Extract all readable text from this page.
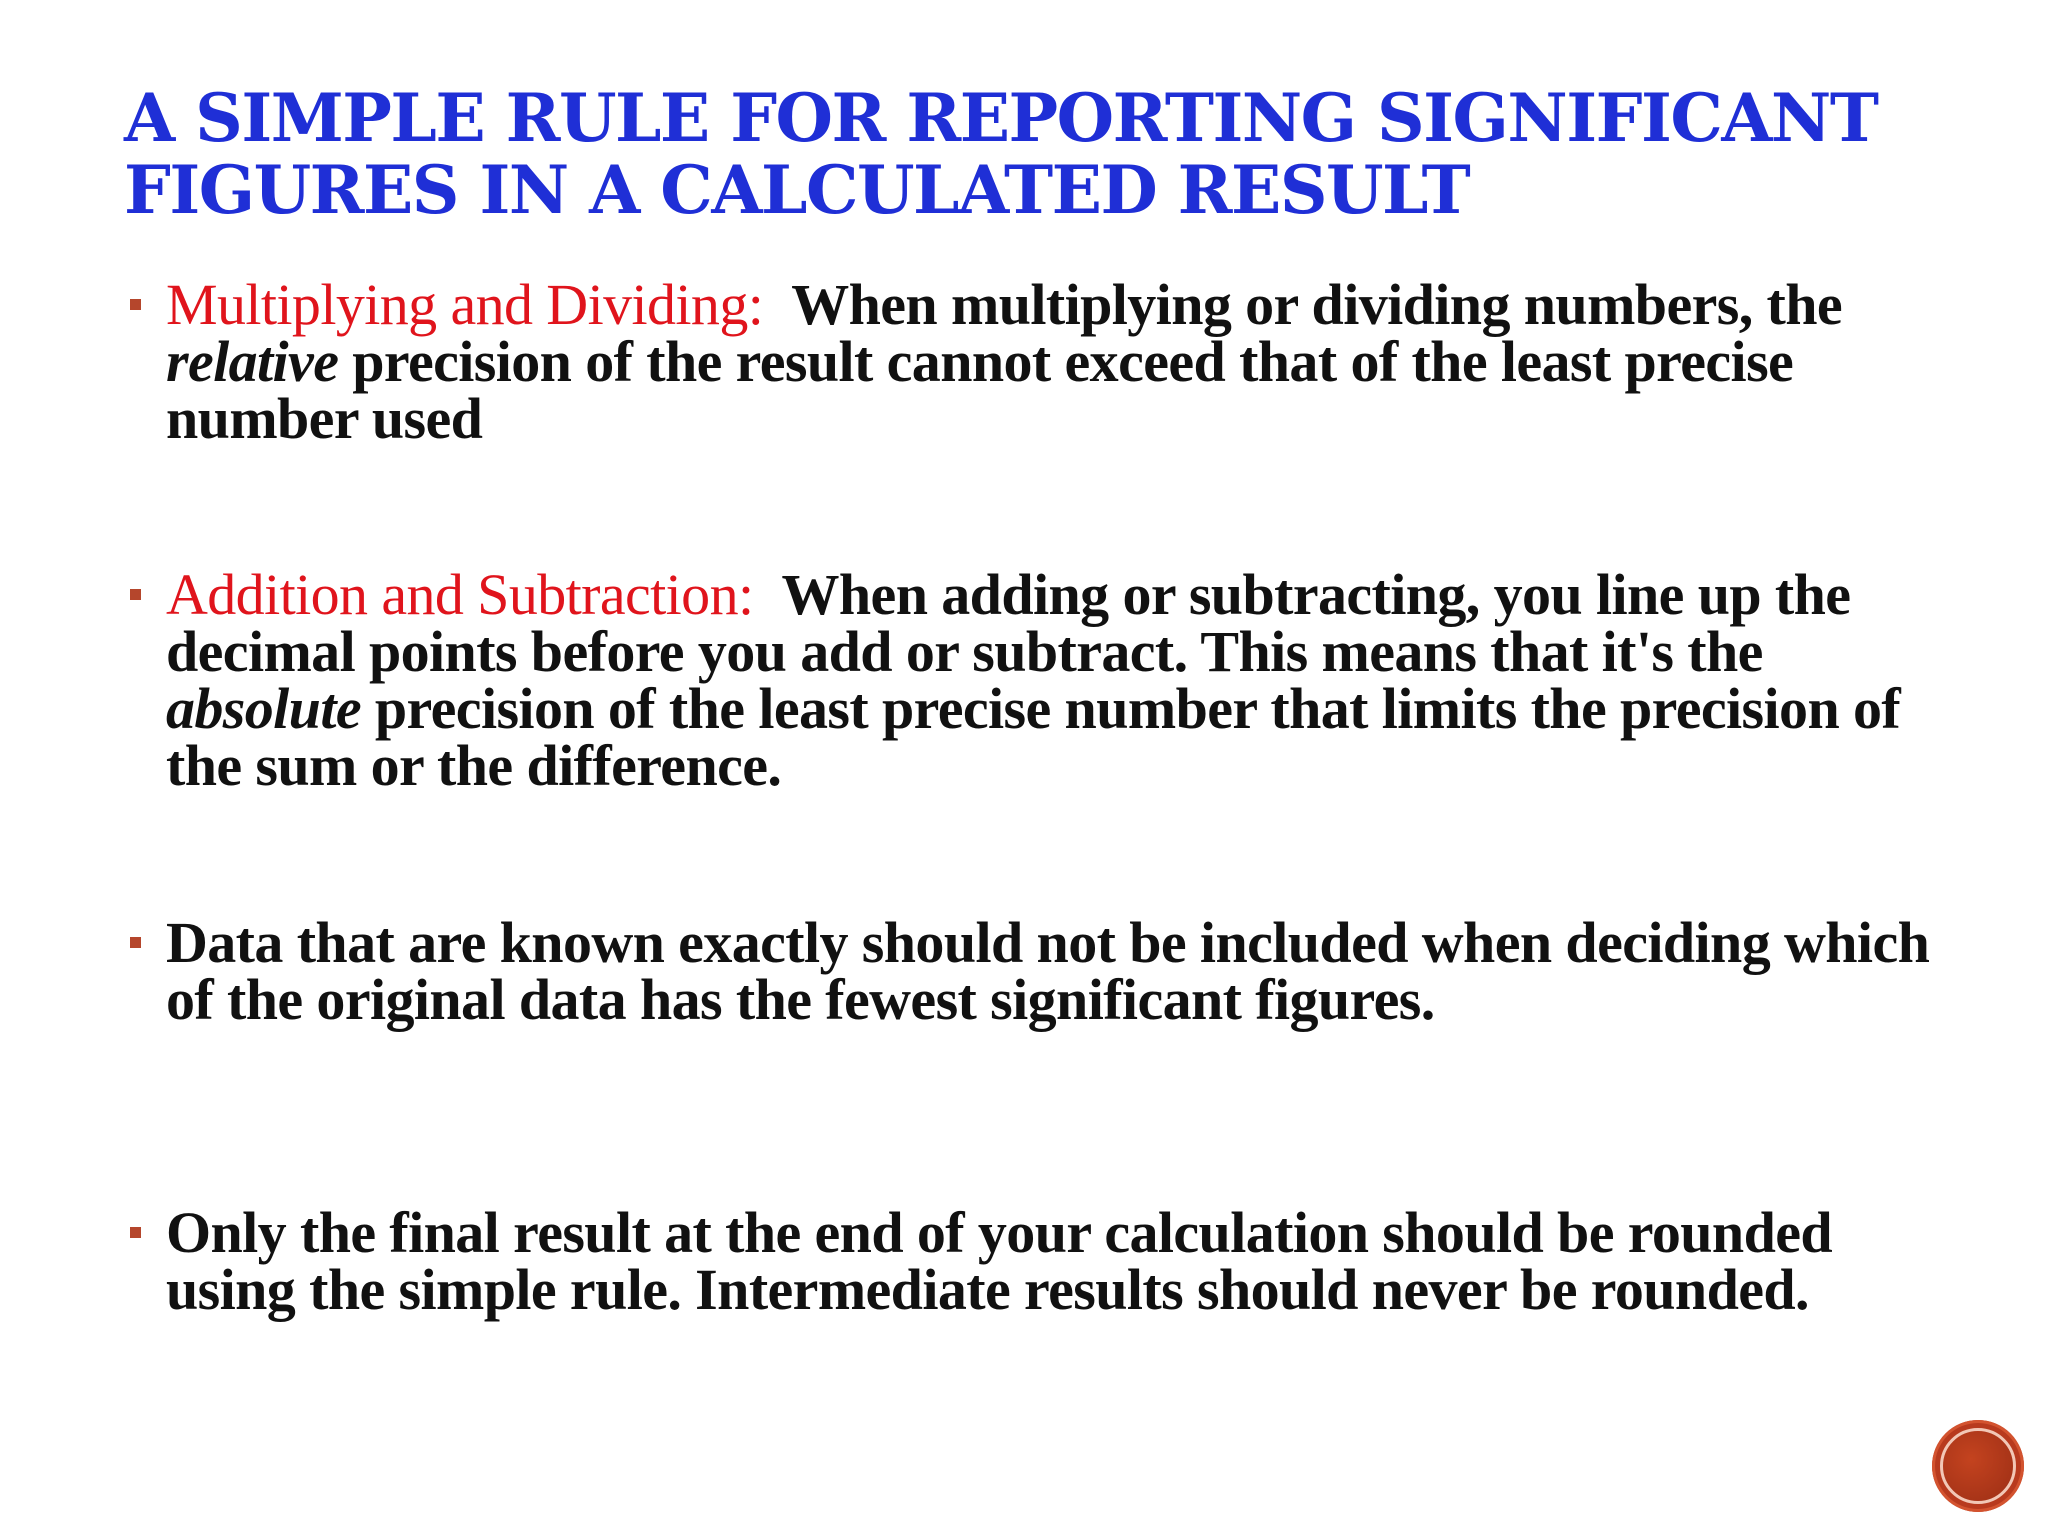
A SIMPLE RULE FOR REPORTING SIGNIFICANT
FIGURES IN A CALCULATED RESULT
Multiplying and Dividing: When multiplying or dividing numbers, the relative precision of the result cannot exceed that of the least precise number used
Addition and Subtraction: When adding or subtracting, you line up the decimal points before you add or subtract. This means that it's the absolute precision of the least precise number that limits the precision of the sum or the difference.
Data that are known exactly should not be included when deciding which of the original data has the fewest significant figures.
Only the final result at the end of your calculation should be rounded using the simple rule. Intermediate results should never be rounded.
